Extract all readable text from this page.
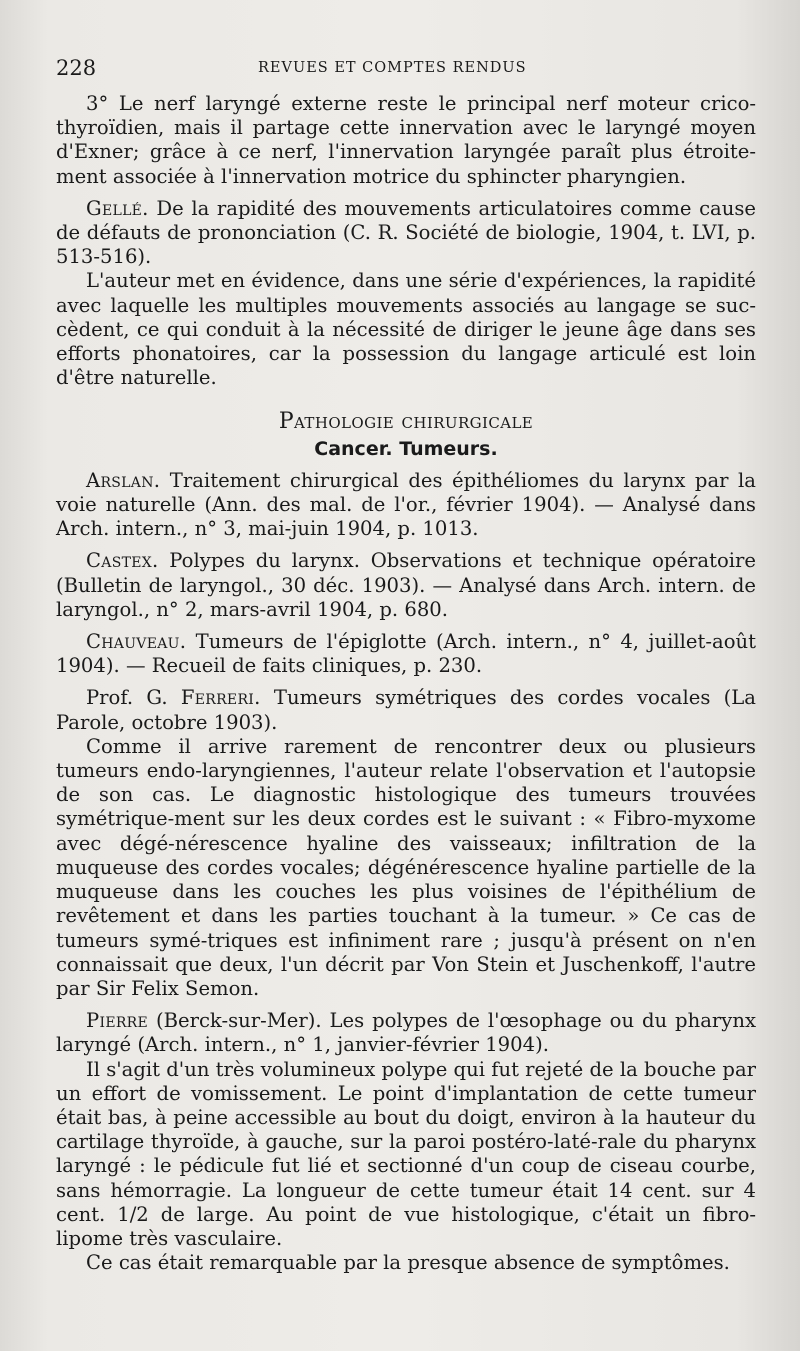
228	REVUES ET COMPTES RENDUS

3° Le nerf laryngé externe reste le principal nerf moteur crico-thyroïdien, mais il partage cette innervation avec le laryngé moyen d'Exner; grâce à ce nerf, l'innervation laryngée paraît plus étroite-ment associée à l'innervation motrice du sphincter pharyngien.

Gellé. De la rapidité des mouvements articulatoires comme cause de défauts de prononciation (C. R. Société de biologie, 1904, t. LVI, p. 513-516).

L'auteur met en évidence, dans une série d'expériences, la rapidité avec laquelle les multiples mouvements associés au langage se suc-cèdent, ce qui conduit à la nécessité de diriger le jeune âge dans ses efforts phonatoires, car la possession du langage articulé est loin d'être naturelle.

Pathologie chirurgicale
Cancer. Tumeurs.

Arslan. Traitement chirurgical des épithéliomes du larynx par la voie naturelle (Ann. des mal. de l'or., février 1904). — Analysé dans Arch. intern., n° 3, mai-juin 1904, p. 1013.

Castex. Polypes du larynx. Observations et technique opératoire (Bulletin de laryngol., 30 déc. 1903). — Analysé dans Arch. intern. de laryngol., n° 2, mars-avril 1904, p. 680.

Chauveau. Tumeurs de l'épiglotte (Arch. intern., n° 4, juillet-août 1904). — Recueil de faits cliniques, p. 230.

Prof. G. Ferreri. Tumeurs symétriques des cordes vocales (La Parole, octobre 1903).

Comme il arrive rarement de rencontrer deux ou plusieurs tumeurs endo-laryngiennes, l'auteur relate l'observation et l'autopsie de son cas. Le diagnostic histologique des tumeurs trouvées symétrique-ment sur les deux cordes est le suivant : « Fibro-myxome avec dégé-nérescence hyaline des vaisseaux; infiltration de la muqueuse des cordes vocales; dégénérescence hyaline partielle de la muqueuse dans les couches les plus voisines de l'épithélium de revêtement et dans les parties touchant à la tumeur. » Ce cas de tumeurs symé-triques est infiniment rare ; jusqu'à présent on n'en connaissait que deux, l'un décrit par Von Stein et Juschenkoff, l'autre par Sir Felix Semon.

Pierre (Berck-sur-Mer). Les polypes de l'œsophage ou du pharynx laryngé (Arch. intern., n° 1, janvier-février 1904).

Il s'agit d'un très volumineux polype qui fut rejeté de la bouche par un effort de vomissement. Le point d'implantation de cette tumeur était bas, à peine accessible au bout du doigt, environ à la hauteur du cartilage thyroïde, à gauche, sur la paroi postéro-laté-rale du pharynx laryngé : le pédicule fut lié et sectionné d'un coup de ciseau courbe, sans hémorragie. La longueur de cette tumeur était 14 cent. sur 4 cent. 1/2 de large. Au point de vue histologique, c'était un fibro-lipome très vasculaire.

Ce cas était remarquable par la presque absence de symptômes.
